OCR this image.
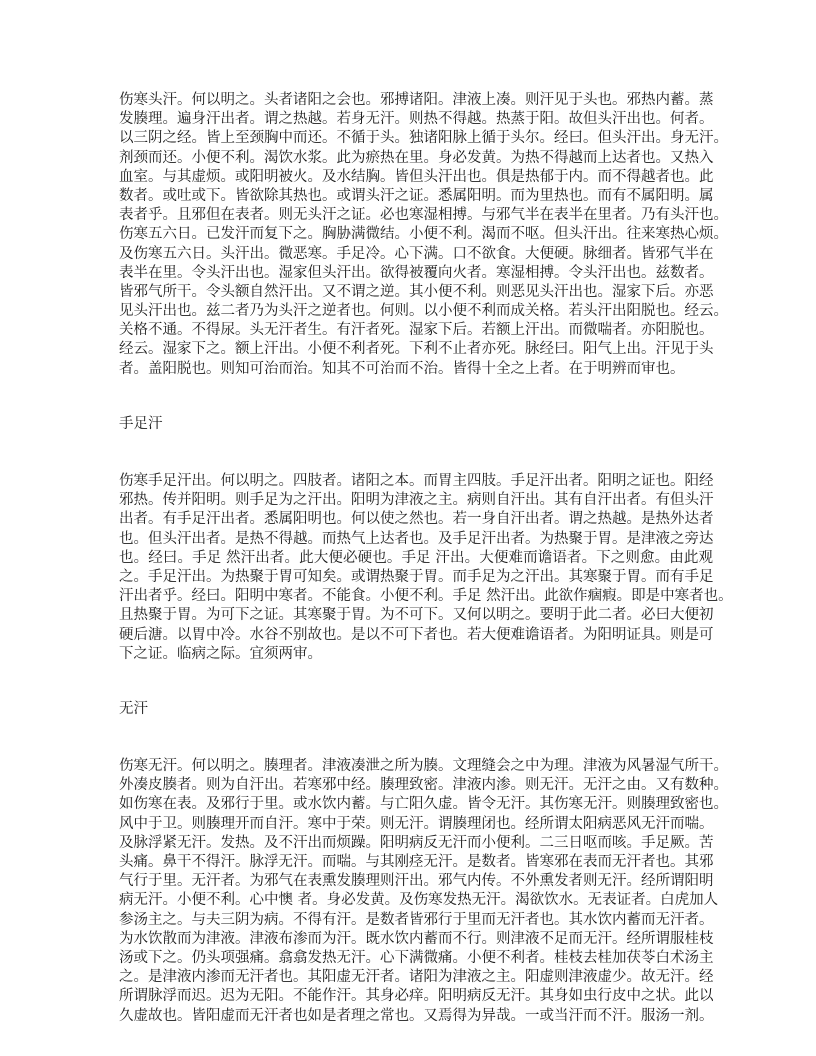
伤寒头汗。何以明之。头者诸阳之会也。邪搏诸阳。津液上凑。则汗见于头也。邪热内蓄。蒸
发腠理。遍身汗出者。谓之热越。若身无汗。则热不得越。热蒸于阳。故但头汗出也。何者。
以三阴之经。皆上至颈胸中而还。不循于头。独诸阳脉上循于头尔。经曰。但头汗出。身无汗。
剂颈而还。小便不利。渴饮水浆。此为瘀热在里。身必发黄。为热不得越而上达者也。又热入
血室。与其虚烦。或阳明被火。及水结胸。皆但头汗出也。俱是热郁于内。而不得越者也。此
数者。或吐或下。皆欲除其热也。或谓头汗之证。悉属阳明。而为里热也。而有不属阳明。属
表者乎。且邪但在表者。则无头汗之证。必也寒湿相搏。与邪气半在表半在里者。乃有头汗也。
伤寒五六日。已发汗而复下之。胸胁满微结。小便不利。渴而不呕。但头汗出。往来寒热心烦。
及伤寒五六日。头汗出。微恶寒。手足冷。心下满。口不欲食。大便硬。脉细者。皆邪气半在
表半在里。令头汗出也。湿家但头汗出。欲得被覆向火者。寒湿相搏。令头汗出也。兹数者。
皆邪气所干。令头额自然汗出。又不谓之逆。其小便不利。则恶见头汗出也。湿家下后。亦恶
见头汗出也。兹二者乃为头汗之逆者也。何则。以小便不利而成关格。若头汗出阳脱也。经云。
关格不通。不得尿。头无汗者生。有汗者死。湿家下后。若额上汗出。而微喘者。亦阳脱也。
经云。湿家下之。额上汗出。小便不利者死。下利不止者亦死。脉经曰。阳气上出。汗见于头
者。盖阳脱也。则知可治而治。知其不可治而不治。皆得十全之上者。在于明辨而审也。
手足汗
伤寒手足汗出。何以明之。四肢者。诸阳之本。而胃主四肢。手足汗出者。阳明之证也。阳经
邪热。传并阳明。则手足为之汗出。阳明为津液之主。病则自汗出。其有自汗出者。有但头汗
出者。有手足汗出者。悉属阳明也。何以使之然也。若一身自汗出者。谓之热越。是热外达者
也。但头汗出者。是热不得越。而热气上达者也。及手足汗出者。为热聚于胃。是津液之旁达
也。经曰。手足 然汗出者。此大便必硬也。手足 汗出。大便难而谵语者。下之则愈。由此观
之。手足汗出。为热聚于胃可知矣。或谓热聚于胃。而手足为之汗出。其寒聚于胃。而有手足
汗出者乎。经曰。阳明中寒者。不能食。小便不利。手足 然汗出。此欲作痼瘕。即是中寒者也。
且热聚于胃。为可下之证。其寒聚于胃。为不可下。又何以明之。要明于此二者。必曰大便初
硬后溏。以胃中冷。水谷不别故也。是以不可下者也。若大便难谵语者。为阳明证具。则是可
下之证。临病之际。宜须两审。
无汗
伤寒无汗。何以明之。腠理者。津液凑泄之所为腠。文理缝会之中为理。津液为风暑湿气所干。
外凑皮腠者。则为自汗出。若寒邪中经。腠理致密。津液内渗。则无汗。无汗之由。又有数种。
如伤寒在表。及邪行于里。或水饮内蓄。与亡阳久虚。皆令无汗。其伤寒无汗。则腠理致密也。
风中于卫。则腠理开而自汗。寒中于荣。则无汗。谓腠理闭也。经所谓太阳病恶风无汗而喘。
及脉浮紧无汗。发热。及不汗出而烦躁。阳明病反无汗而小便利。二三日呕而咳。手足厥。苦
头痛。鼻干不得汗。脉浮无汗。而喘。与其刚痉无汗。是数者。皆寒邪在表而无汗者也。其邪
气行于里。无汗者。为邪气在表熏发腠理则汗出。邪气内传。不外熏发者则无汗。经所谓阳明
病无汗。小便不利。心中懊 者。身必发黄。及伤寒发热无汗。渴欲饮水。无表证者。白虎加人
参汤主之。与夫三阴为病。不得有汗。是数者皆邪行于里而无汗者也。其水饮内蓄而无汗者。
为水饮散而为津液。津液布渗而为汗。既水饮内蓄而不行。则津液不足而无汗。经所谓服桂枝
汤或下之。仍头项强痛。翕翕发热无汗。心下满微痛。小便不利者。桂枝去桂加茯苓白术汤主
之。是津液内渗而无汗者也。其阳虚无汗者。诸阳为津液之主。阳虚则津液虚少。故无汗。经
所谓脉浮而迟。迟为无阳。不能作汗。其身必痒。阳明病反无汗。其身如虫行皮中之状。此以
久虚故也。皆阳虚而无汗者也如是者理之常也。又焉得为异哉。一或当汗而不汗。服汤一剂。
